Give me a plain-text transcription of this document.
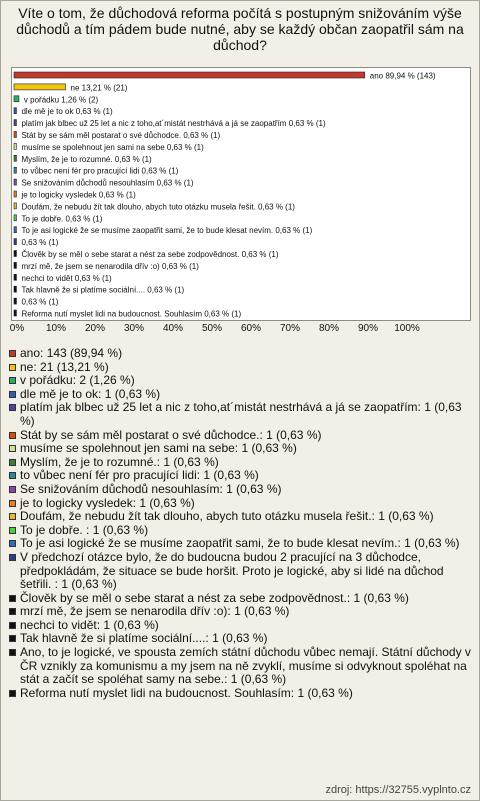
Víte o tom, že důchodová reforma počítá s postupným snižováním výše důchodů a tím pádem bude nutné, aby se každý občan zaopatřil sám na důchod?
ano 89,94 % (143)
ne 13,21 % (21)
v pořádku 1,26 % (2)
dle mě je to ok 0,63 % (1)
platím jak blbec už 25 let a nic z toho,at´mistát nestrhává a já se zaopatřím 0,63 % (1)
Stát by se sám měl postarat o své důchodce. 0,63 % (1)
musíme se spolehnout jen sami na sebe 0,63 % (1)
Myslím, že je to rozumné. 0,63 % (1)
to vůbec není fér pro pracující lidi 0,63 % (1)
Se snižováním důchodů nesouhlasím 0,63 % (1)
je to logicky vysledek 0,63 % (1)
Doufám, že nebudu žít tak dlouho, abych tuto otázku musela řešit. 0,63 % (1)
To je dobře. 0,63 % (1)
To je asi logické že se musíme zaopatřit sami, že to bude klesat nevím. 0,63 % (1)
0,63 % (1)
Člověk by se měl o sebe starat a nést za sebe zodpovědnost. 0,63 % (1)
mrzí mě, že jsem se nenarodila dřív :o) 0,63 % (1)
nechci to vidět 0,63 % (1)
Tak hlavně že si platíme sociální.... 0,63 % (1)
0,63 % (1)
Reforma nutí myslet lidi na budoucnost. Souhlasím 0,63 % (1)
0% 10% 20% 30% 40% 50% 60% 70% 80% 90% 100%
ano: 143 (89,94 %)
ne: 21 (13,21 %)
v pořádku: 2 (1,26 %)
dle mě je to ok: 1 (0,63 %)
platím jak blbec už 25 let a nic z toho,at´mistát nestrhává a já se zaopatřím: 1 (0,63 %)
Stát by se sám měl postarat o své důchodce.: 1 (0,63 %)
musíme se spolehnout jen sami na sebe: 1 (0,63 %)
Myslím, že je to rozumné.: 1 (0,63 %)
to vůbec není fér pro pracující lidi: 1 (0,63 %)
Se snižováním důchodů nesouhlasím: 1 (0,63 %)
je to logicky vysledek: 1 (0,63 %)
Doufám, že nebudu žít tak dlouho, abych tuto otázku musela řešit.: 1 (0,63 %)
To je dobře. : 1 (0,63 %)
To je asi logické že se musíme zaopatřit sami, že to bude klesat nevím.: 1 (0,63 %)
V předchozí otázce bylo, že do budoucna budou 2 pracující na 3 důchodce, předpokládám, že situace se bude horšit. Proto je logické, aby si lidé na důchod šetřili. : 1 (0,63 %)
Člověk by se měl o sebe starat a nést za sebe zodpovědnost.: 1 (0,63 %)
mrzí mě, že jsem se nenarodila dřív :o): 1 (0,63 %)
nechci to vidět: 1 (0,63 %)
Tak hlavně že si platíme sociální....: 1 (0,63 %)
Ano, to je logické, ve spousta zemích státní důchodu vůbec nemají. Státní důchody v ČR vznikly za komunismu a my jsem na ně zvyklí, musíme si odvyknout spoléhat na stát a začít se spoléhat samy na sebe.: 1 (0,63 %)
Reforma nutí myslet lidi na budoucnost. Souhlasím: 1 (0,63 %)
zdroj: https://32755.vyplnto.cz
